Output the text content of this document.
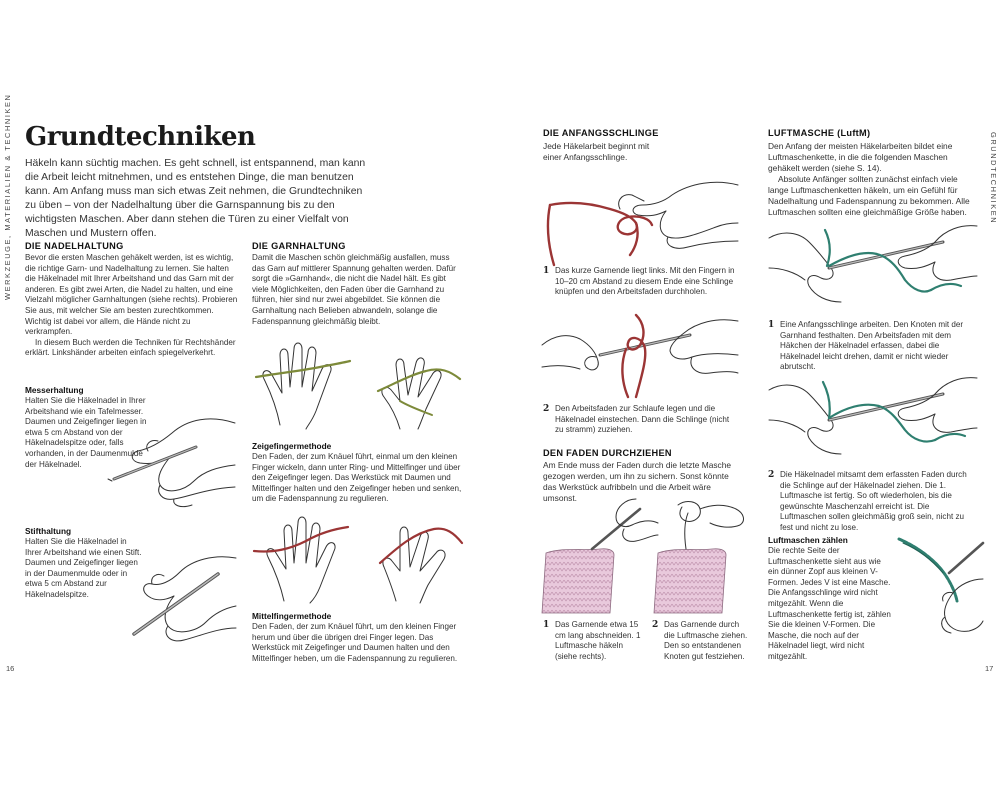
WERKZEUGE, MATERIALIEN & TECHNIKEN
16
Grundtechniken
Häkeln kann süchtig machen. Es geht schnell, ist entspannend, man kann die Arbeit leicht mitnehmen, und es entstehen Dinge, die man benutzen kann. Am Anfang muss man sich etwas Zeit nehmen, die Grundtechniken zu üben – von der Nadelhaltung über die Garnspannung bis zu den wichtigsten Maschen. Aber dann stehen die Türen zu einer Vielfalt von Maschen und Mustern offen.
DIE NADELHALTUNG
Bevor die ersten Maschen gehäkelt werden, ist es wichtig, die richtige Garn- und Nadelhaltung zu lernen. Sie halten die Häkelnadel mit Ihrer Arbeitshand und das Garn mit der anderen. Es gibt zwei Arten, die Nadel zu halten, und eine Vielzahl möglicher Garnhaltungen (siehe rechts). Probieren Sie aus, mit welcher Sie am besten zurechtkommen. Wichtig ist dabei vor allem, die Hände nicht zu verkrampfen.
In diesem Buch werden die Techniken für Rechtshänder erklärt. Linkshänder arbeiten einfach spiegelverkehrt.
Messerhaltung
Halten Sie die Häkelnadel in Ihrer Arbeitshand wie ein Tafelmesser. Daumen und Zeigefinger liegen in etwa 5 cm Abstand von der Häkelnadelspitze oder, falls vorhanden, in der Daumenmulde der Häkelnadel.
Stifthaltung
Halten Sie die Häkelnadel in Ihrer Arbeitshand wie einen Stift. Daumen und Zeigefinger liegen in der Daumenmulde oder in etwa 5 cm Abstand zur Häkelnadelspitze.
DIE GARNHALTUNG
Damit die Maschen schön gleichmäßig ausfallen, muss das Garn auf mittlerer Spannung gehalten werden. Dafür sorgt die »Garnhand«, die nicht die Nadel hält. Es gibt viele Möglichkeiten, den Faden über die Garnhand zu führen, hier sind nur zwei abgebildet. Sie können die Garnhaltung nach Belieben abwandeln, solange die Fadenspannung gleichmäßig bleibt.
Zeigefingermethode
Den Faden, der zum Knäuel führt, einmal um den kleinen Finger wickeln, dann unter Ring- und Mittelfinger und über den Zeigefinger legen. Das Werkstück mit Daumen und Mittelfinger halten und den Zeigefinger heben und senken, um die Fadenspannung zu regulieren.
Mittelfingermethode
Den Faden, der zum Knäuel führt, um den kleinen Finger herum und über die übrigen drei Finger legen. Das Werkstück mit Zeigefinger und Daumen halten und den Mittelfinger heben, um die Fadenspannung zu regulieren.
GRUNDTECHNIKEN
17
DIE ANFANGSSCHLINGE
Jede Häkelarbeit beginnt mit einer Anfangsschlinge.
1 Das kurze Garnende liegt links. Mit den Fingern in 10–20 cm Abstand zu diesem Ende eine Schlinge knüpfen und den Arbeitsfaden durchholen.
2 Den Arbeitsfaden zur Schlaufe legen und die Häkelnadel einstechen. Dann die Schlinge (nicht zu stramm) zuziehen.
DEN FADEN DURCHZIEHEN
Am Ende muss der Faden durch die letzte Masche gezogen werden, um ihn zu sichern. Sonst könnte das Werkstück aufribbeln und die Arbeit wäre umsonst.
1 Das Garnende etwa 15 cm lang abschneiden. 1 Luftmasche häkeln (siehe rechts).
2 Das Garnende durch die Luftmasche ziehen. Den so entstandenen Knoten gut festziehen.
LUFTMASCHE (LuftM)
Den Anfang der meisten Häkelarbeiten bildet eine Luftmaschenkette, in die die folgenden Maschen gehäkelt werden (siehe S. 14).
Absolute Anfänger sollten zunächst einfach viele lange Luftmaschenketten häkeln, um ein Gefühl für Nadelhaltung und Fadenspannung zu bekommen. Alle Luftmaschen sollten eine gleichmäßige Größe haben.
1 Eine Anfangsschlinge arbeiten. Den Knoten mit der Garnhand festhalten. Den Arbeitsfaden mit dem Häkchen der Häkelnadel erfassen, dabei die Häkelnadel leicht drehen, damit er nicht wieder abrutscht.
2 Die Häkelnadel mitsamt dem erfassten Faden durch die Schlinge auf der Häkelnadel ziehen. Die 1. Luftmasche ist fertig. So oft wiederholen, bis die gewünschte Maschenzahl erreicht ist. Die Luftmaschen sollen gleichmäßig groß sein, nicht zu fest und nicht zu lose.
Luftmaschen zählen
Die rechte Seite der Luftmaschenkette sieht aus wie ein dünner Zopf aus kleinen V-Formen. Jedes V ist eine Masche. Die Anfangsschlinge wird nicht mitgezählt. Wenn die Luftmaschenkette fertig ist, zählen Sie die kleinen V-Formen. Die Masche, die noch auf der Häkelnadel liegt, wird nicht mitgezählt.
